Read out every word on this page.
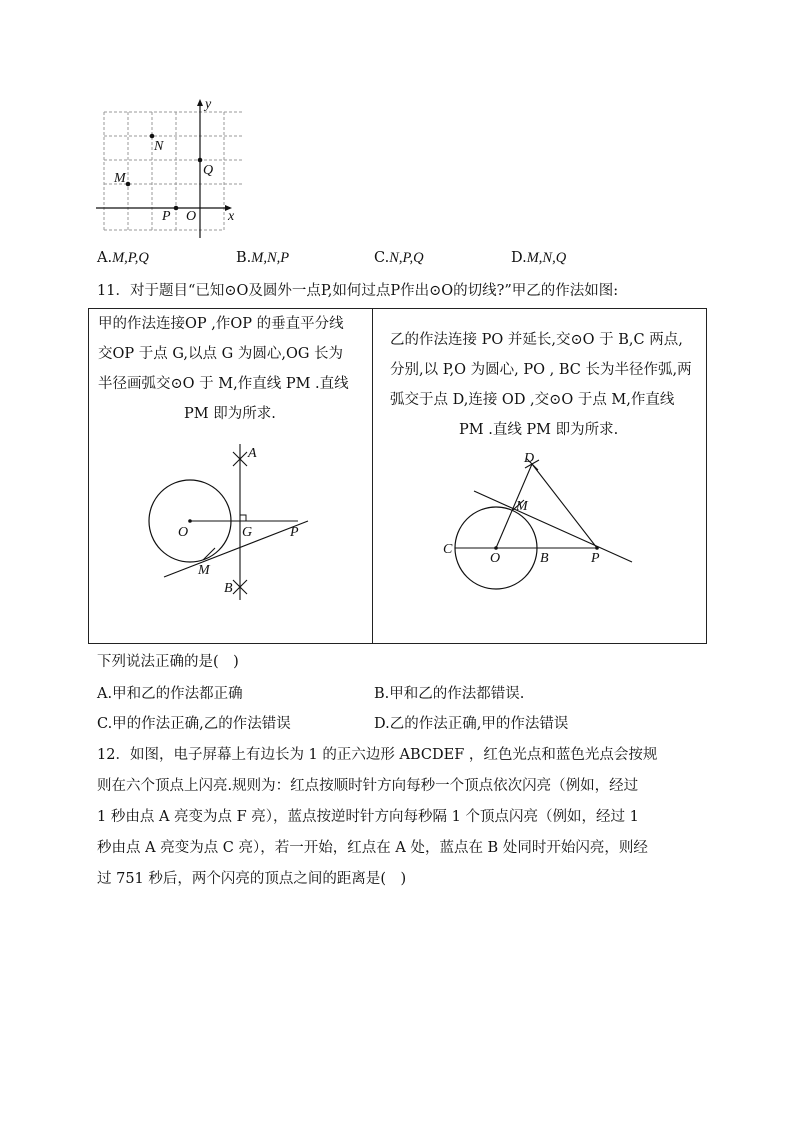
y
x
O
N
M
Q
P
A.M,P,Q	B.M,N,P	C.N,P,Q	D.M,N,Q
11．对于题目“已知⊙O及圆外一点P,如何过点P作出⊙O的切线?”甲乙的作法如图:
甲的作法连接OP ,作OP 的垂直平分线
交OP 于点 G,以点 G 为圆心,OG 长为
半径画弧交⊙O 于 M,作直线 PM .直线
PM 即为所求.
A
O	G	P
M
B
乙的作法连接 PO 并延长,交⊙O 于 B,C 两点,
分别,以 P,O 为圆心, PO , BC 长为半径作弧,两
弧交于点 D,连接 OD ,交⊙O 于点 M,作直线
PM .直线 PM 即为所求.
D
M
C
O	B	P
下列说法正确的是(　)
A.甲和乙的作法都正确	B.甲和乙的作法都错误.
C.甲的作法正确,乙的作法错误	D.乙的作法正确,甲的作法错误
12．如图，电子屏幕上有边长为 1 的正六边形 ABCDEF ，红色光点和蓝色光点会按规
则在六个顶点上闪亮.规则为：红点按顺时针方向每秒一个顶点依次闪亮（例如，经过
1 秒由点 A 亮变为点 F 亮），蓝点按逆时针方向每秒隔 1 个顶点闪亮（例如，经过 1
秒由点 A 亮变为点 C 亮），若一开始，红点在 A 处，蓝点在 B 处同时开始闪亮，则经
过 751 秒后，两个闪亮的顶点之间的距离是(　)
